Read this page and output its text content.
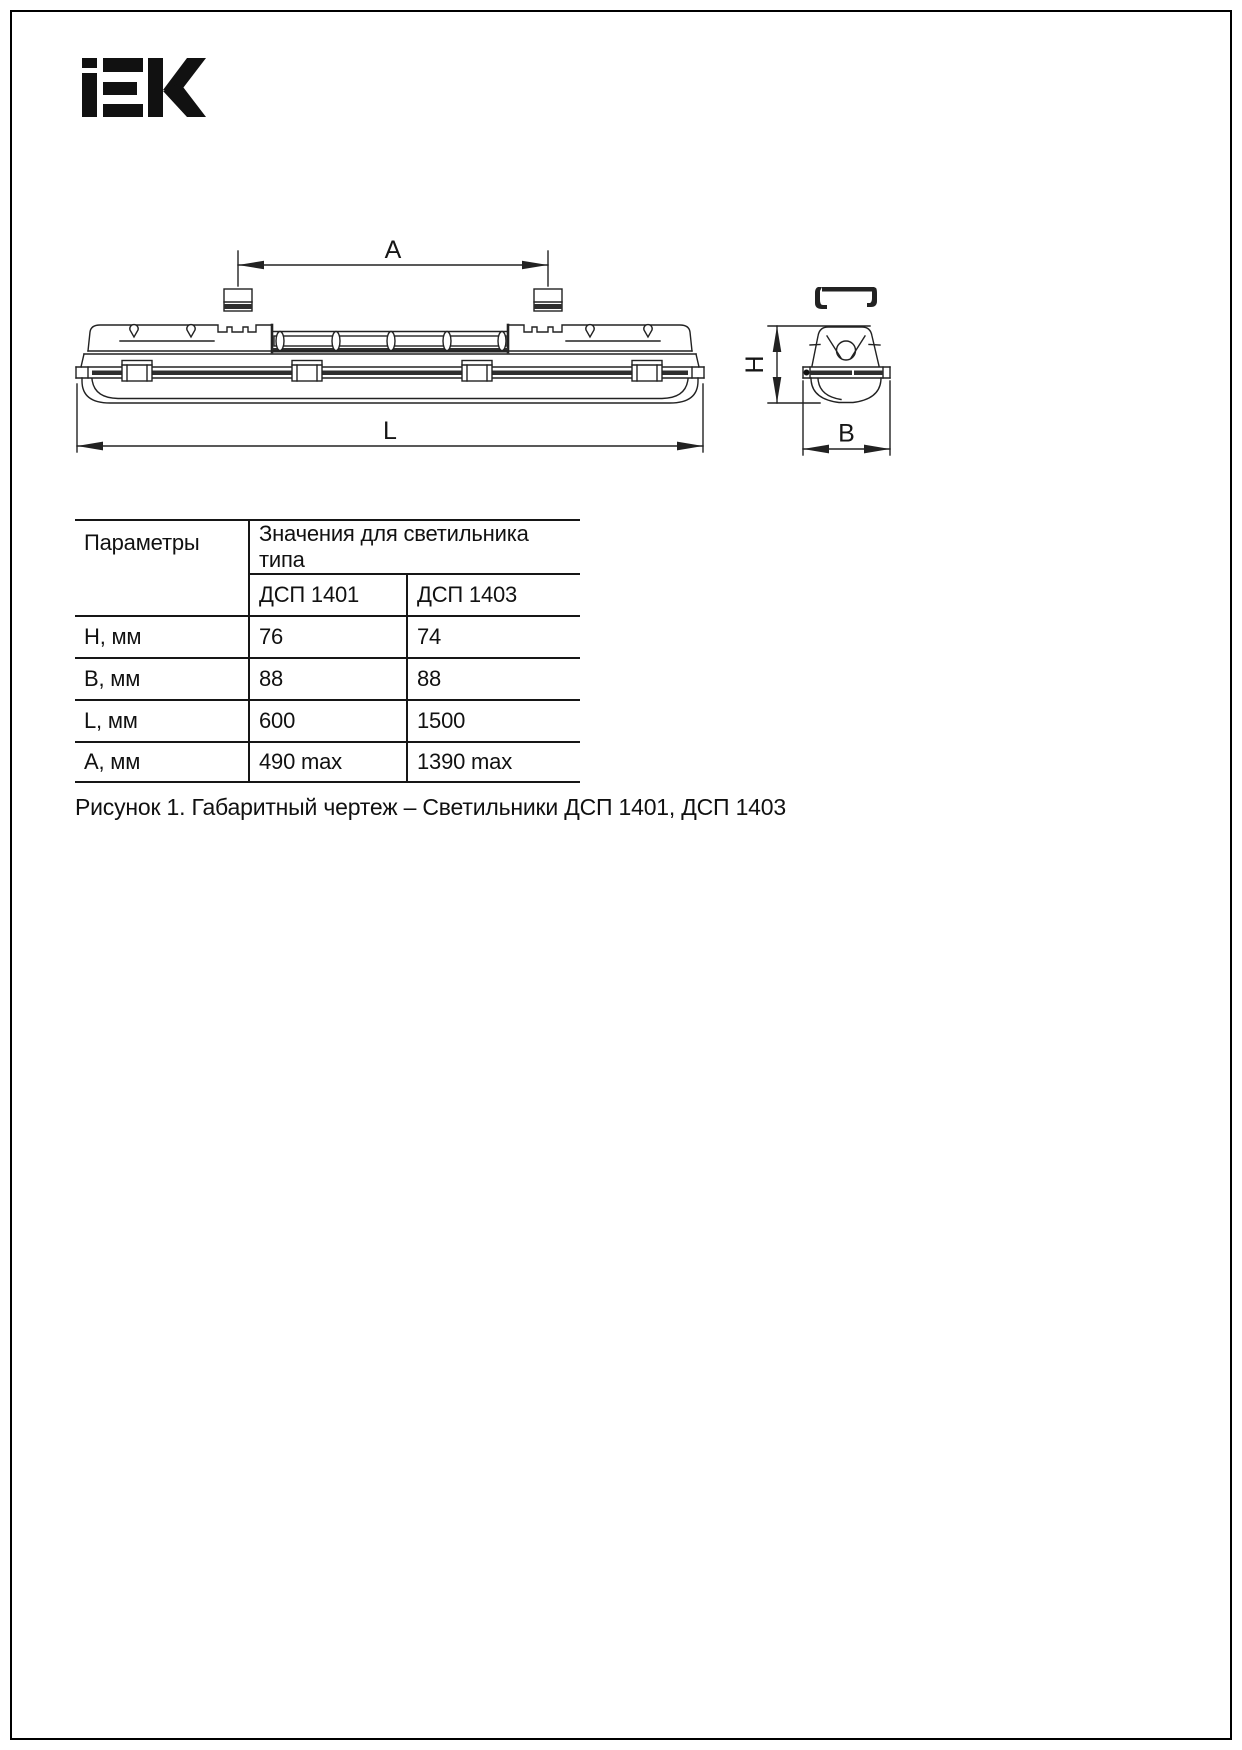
A
L
H
B
Параметры	Значения для светильника типа	
	ДСП 1401	ДСП 1403
H, мм	76	74
B, мм	88	88
L, мм	600	1500
A, мм	490 max	1390 max
Рисунок 1. Габаритный чертеж – Светильники ДСП 1401, ДСП 1403
